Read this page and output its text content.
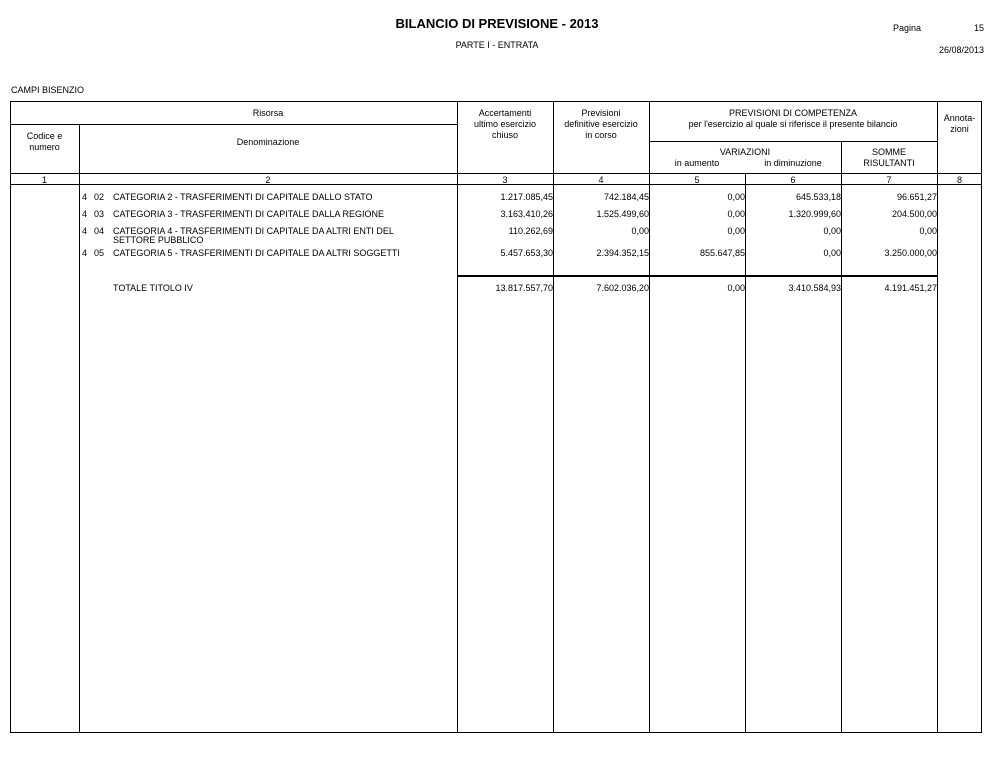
BILANCIO DI PREVISIONE - 2013
PARTE I - ENTRATA
Pagina	15
26/08/2013
CAMPI BISENZIO
Risorsa
Codice e
numero	Denominazione
Accertamenti
ultimo esercizio
chiuso
Previsioni
definitive esercizio
in corso
PREVISIONI DI COMPETENZA
per l'esercizio al quale si riferisce il presente bilancio
VARIAZIONI
in aumento	in diminuzione
SOMME
RISULTANTI
Annota-
zioni
1	2	3	4	5	6	7	8
4 02 CATEGORIA 2 - TRASFERIMENTI DI CAPITALE DALLO STATO	1.217.085,45	742.184,45	0,00	645.533,18	96.651,27
4 03 CATEGORIA 3 - TRASFERIMENTI DI CAPITALE DALLA REGIONE	3.163.410,26	1.525.499,60	0,00	1.320.999,60	204.500,00
4 04 CATEGORIA 4 - TRASFERIMENTI DI CAPITALE DA ALTRI ENTI DEL
SETTORE PUBBLICO
110.262,69	0,00	0,00	0,00	0,00
4 05 CATEGORIA 5 - TRASFERIMENTI DI CAPITALE DA ALTRI SOGGETTI	5.457.653,30	2.394.352,15	855.647,85	0,00	3.250.000,00
TOTALE TITOLO IV	13.817.557,70	7.602.036,20	0,00	3.410.584,93	4.191.451,27
